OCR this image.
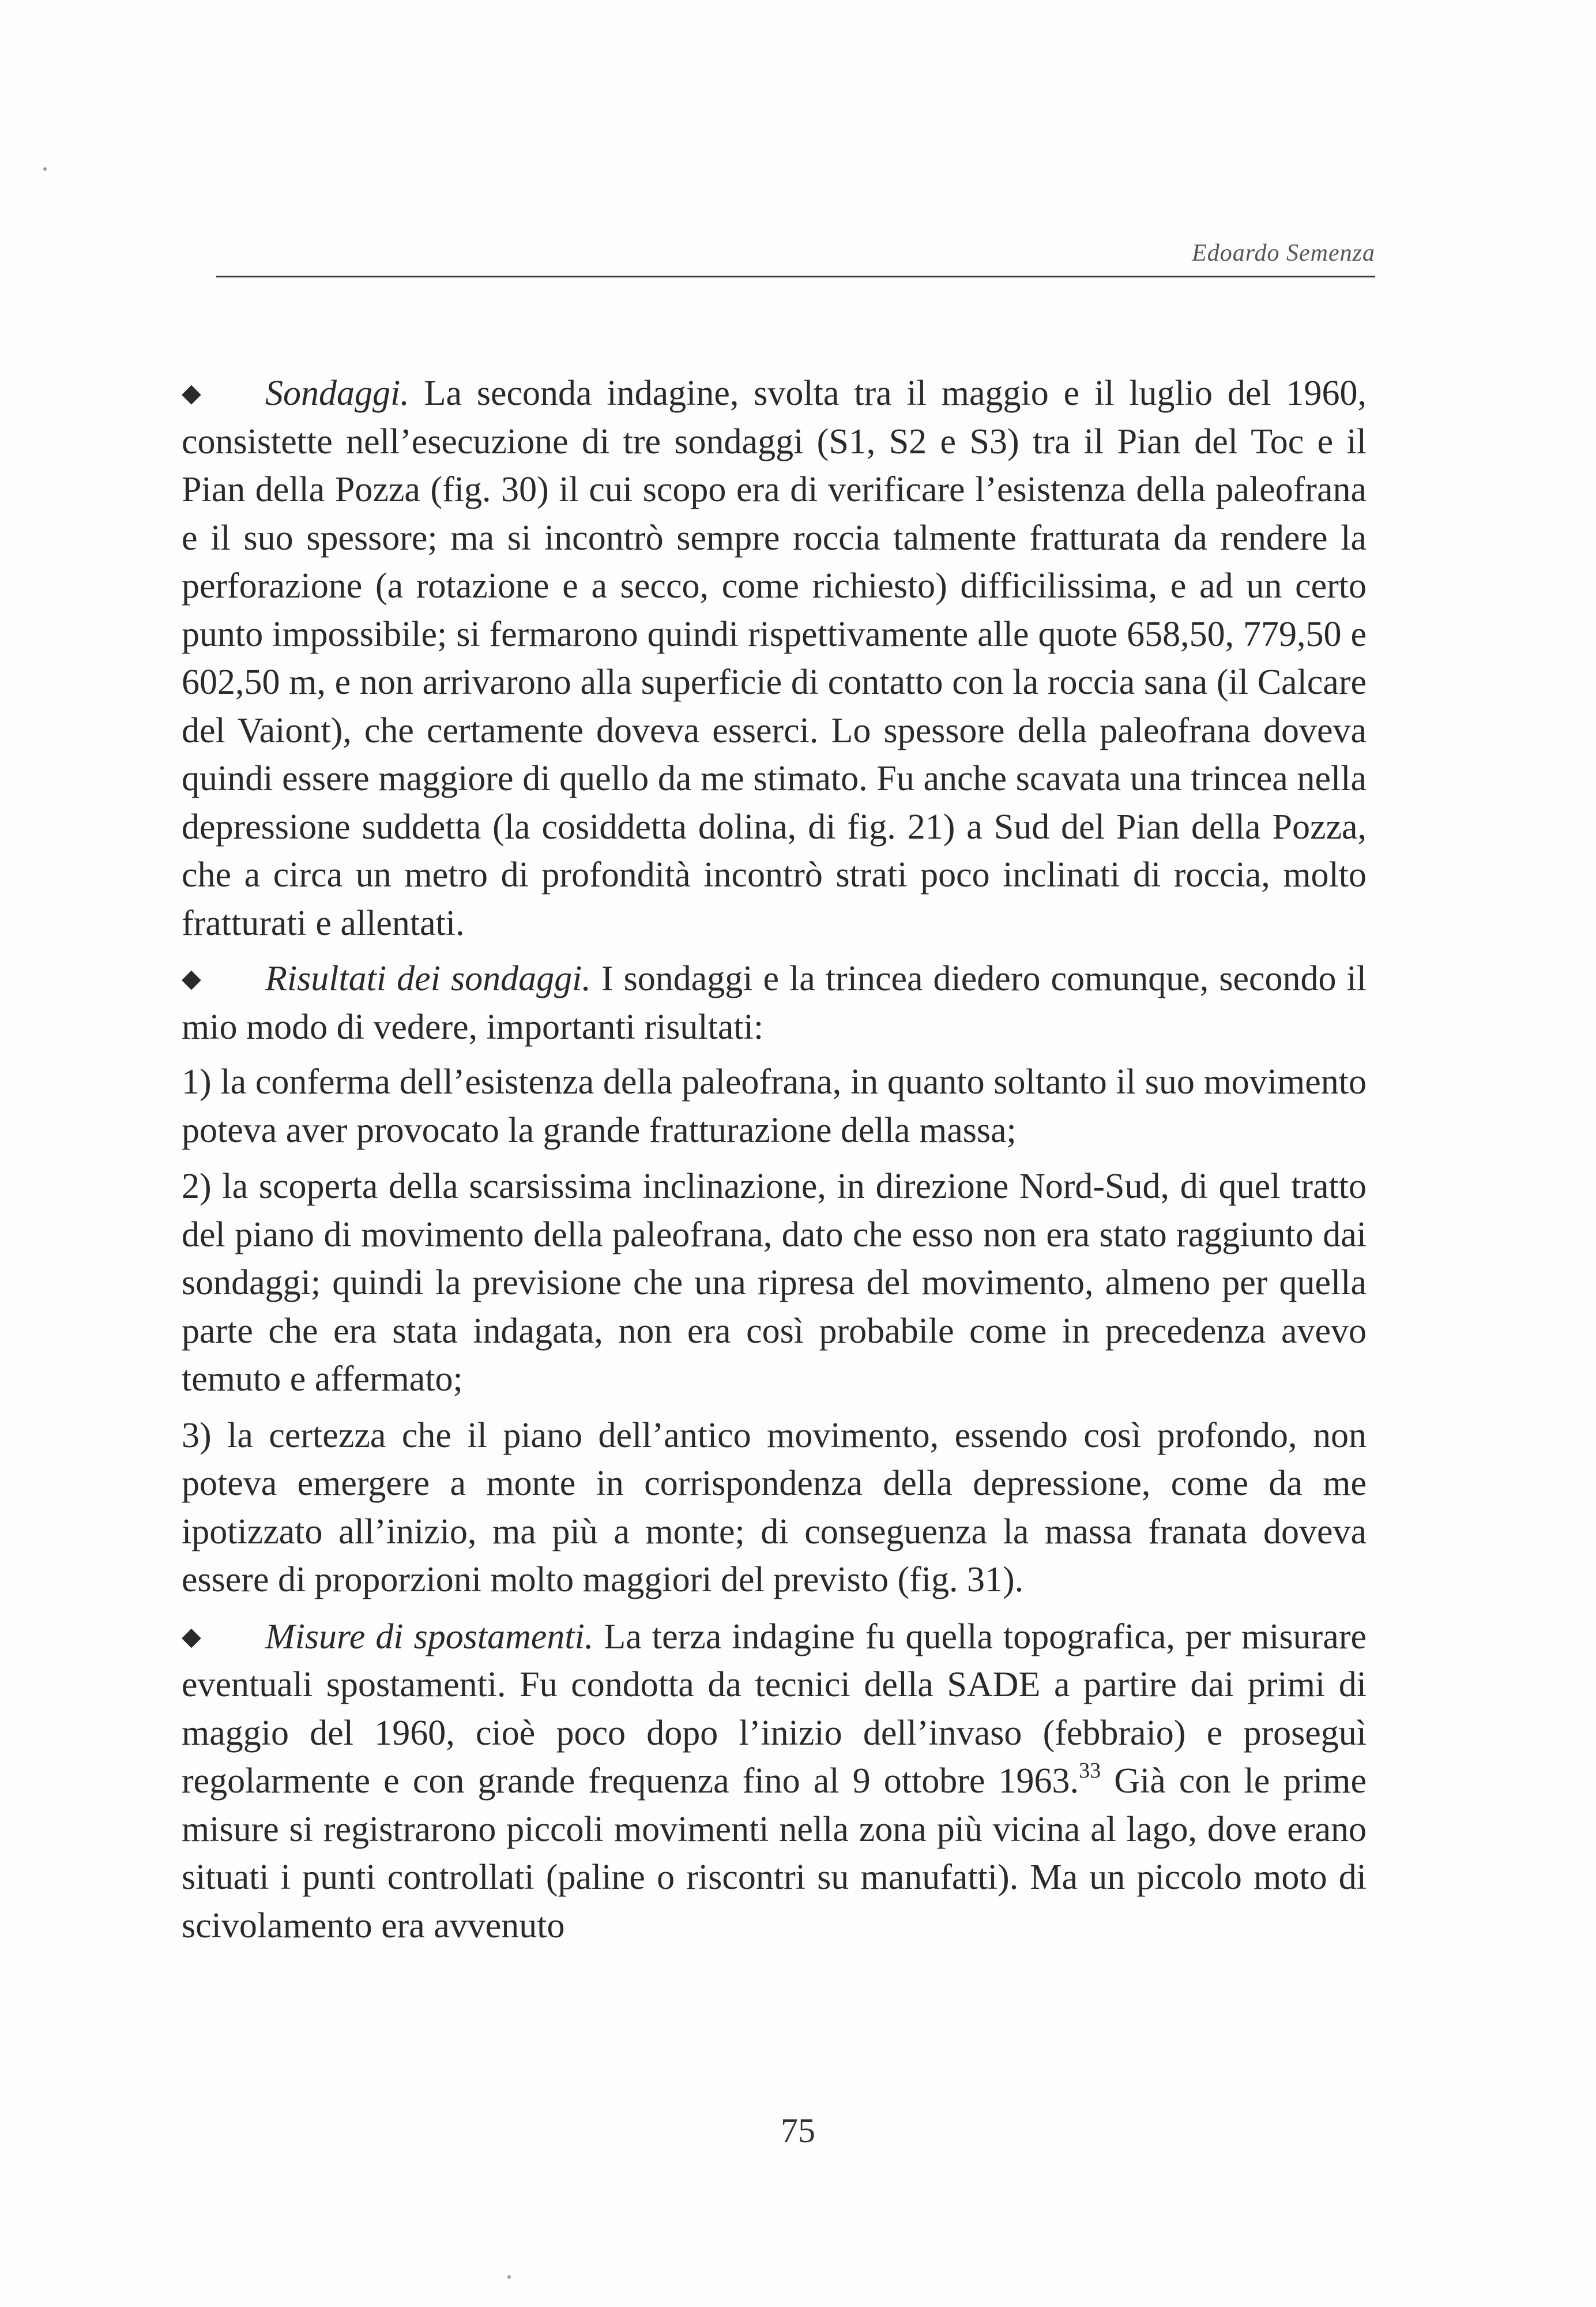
Edoardo Semenza

◆ Sondaggi. La seconda indagine, svolta tra il maggio e il luglio del 1960, consistette nell’esecuzione di tre sondaggi (S1, S2 e S3) tra il Pian del Toc e il Pian della Pozza (fig. 30) il cui scopo era di verificare l’esistenza della paleofrana e il suo spessore; ma si incontrò sempre roccia talmente fratturata da rendere la perforazione (a rotazione e a secco, come richiesto) difficilissima, e ad un certo punto impossibile; si fermarono quindi rispettivamente alle quote 658,50, 779,50 e 602,50 m, e non arrivarono alla superficie di contatto con la roccia sana (il Calcare del Vaiont), che certamente doveva esserci. Lo spessore della paleofrana doveva quindi essere maggiore di quello da me stimato. Fu anche scavata una trincea nella depressione suddetta (la cosiddetta dolina, di fig. 21) a Sud del Pian della Pozza, che a circa un metro di profondità incontrò strati poco inclinati di roccia, molto fratturati e allentati.

◆ Risultati dei sondaggi. I sondaggi e la trincea diedero comunque, secondo il mio modo di vedere, importanti risultati:

1) la conferma dell’esistenza della paleofrana, in quanto soltanto il suo movimento poteva aver provocato la grande fratturazione della massa;

2) la scoperta della scarsissima inclinazione, in direzione Nord-Sud, di quel tratto del piano di movimento della paleofrana, dato che esso non era stato raggiunto dai sondaggi; quindi la previsione che una ripresa del movimento, almeno per quella parte che era stata indagata, non era così probabile come in precedenza avevo temuto e affermato;

3) la certezza che il piano dell’antico movimento, essendo così profondo, non poteva emergere a monte in corrispondenza della depressione, come da me ipotizzato all’inizio, ma più a monte; di conseguenza la massa franata doveva essere di proporzioni molto maggiori del previsto (fig. 31).

◆ Misure di spostamenti. La terza indagine fu quella topografica, per misurare eventuali spostamenti. Fu condotta da tecnici della SADE a partire dai primi di maggio del 1960, cioè poco dopo l’inizio dell’invaso (febbraio) e proseguì regolarmente e con grande frequenza fino al 9 ottobre 1963.33 Già con le prime misure si registrarono piccoli movimenti nella zona più vicina al lago, dove erano situati i punti controllati (paline o riscontri su manufatti). Ma un piccolo moto di scivolamento era avvenuto

75
